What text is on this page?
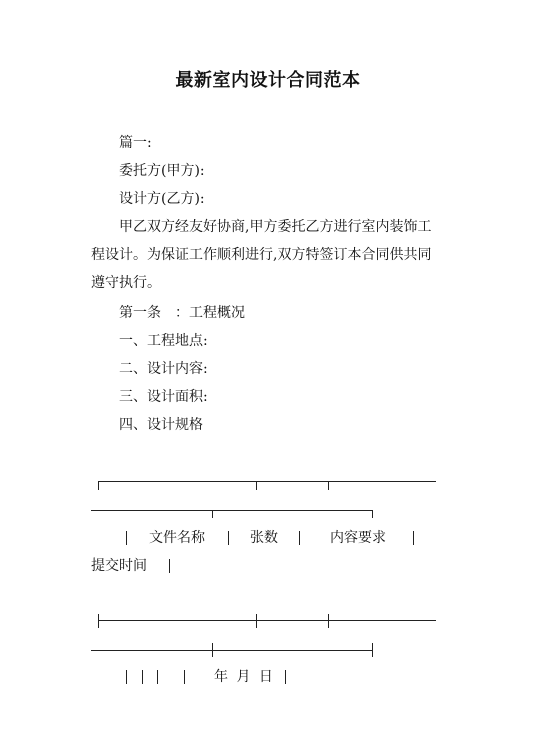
最新室内设计合同范本
篇一:
委托方(甲方):
设计方(乙方):
甲乙双方经友好协商,甲方委托乙方进行室内装饰工
程设计。为保证工作顺利进行,双方特签订本合同供共同
遵守执行。
第一条　：工程概况
一、工程地点:
二、设计内容:
三、设计面积:
四、设计规格
文件名称	张数	内容要求
提交时间
年 月 日
